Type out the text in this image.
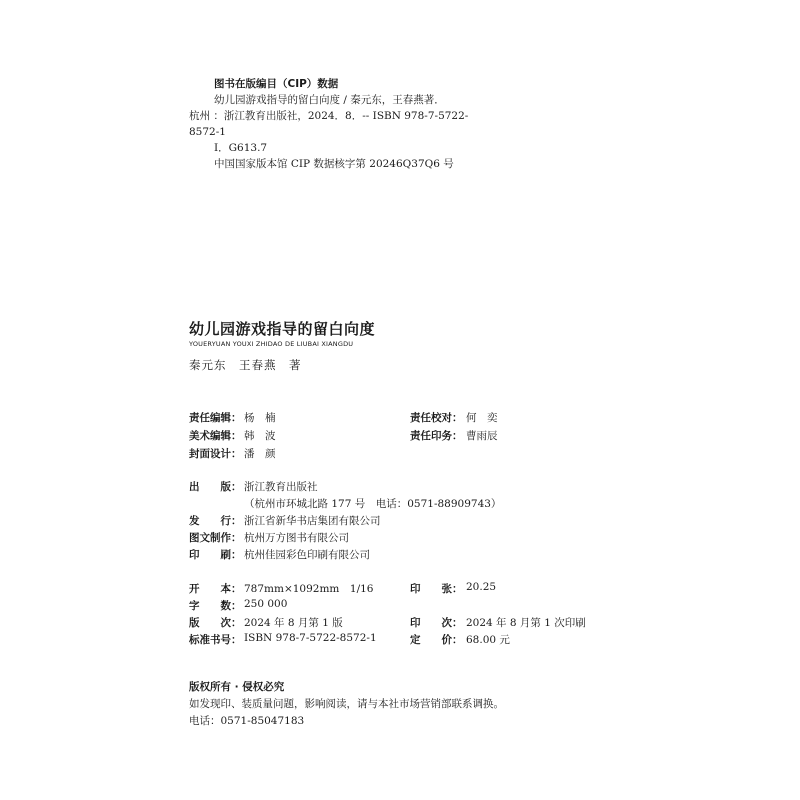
图书在版编目（CIP）数据
幼儿园游戏指导的留白向度 / 秦元东，王春燕著．
杭州 ：浙江教育出版社，2024．8．-- ISBN 978-7-5722-
8572-1
Ⅰ．G613.7
中国国家版本馆 CIP 数据核字第 20246Q37Q6 号
幼儿园游戏指导的留白向度
YOUERYUAN YOUXI ZHIDAO DE LIUBAI XIANGDU
秦元东　王春燕　著
责任编辑： 杨　楠	责任校对： 何　奕
美术编辑： 韩　波	责任印务： 曹雨辰
封面设计： 潘　颜
出　　版： 浙江教育出版社
（杭州市环城北路 177 号　电话：0571-88909743）
发　　行： 浙江省新华书店集团有限公司
图文制作： 杭州万方图书有限公司
印　　刷： 杭州佳园彩色印刷有限公司
开　　本： 787mm×1092mm　1/16	印　　张： 20.25
字　　数： 250 000
版　　次： 2024 年 8 月第 1 版	印　　次： 2024 年 8 月第 1 次印刷
标准书号： ISBN 978-7-5722-8572-1	定　　价： 68.00 元
版权所有 · 侵权必究
如发现印、装质量问题，影响阅读，请与本社市场营销部联系调换。
电话：0571-85047183
